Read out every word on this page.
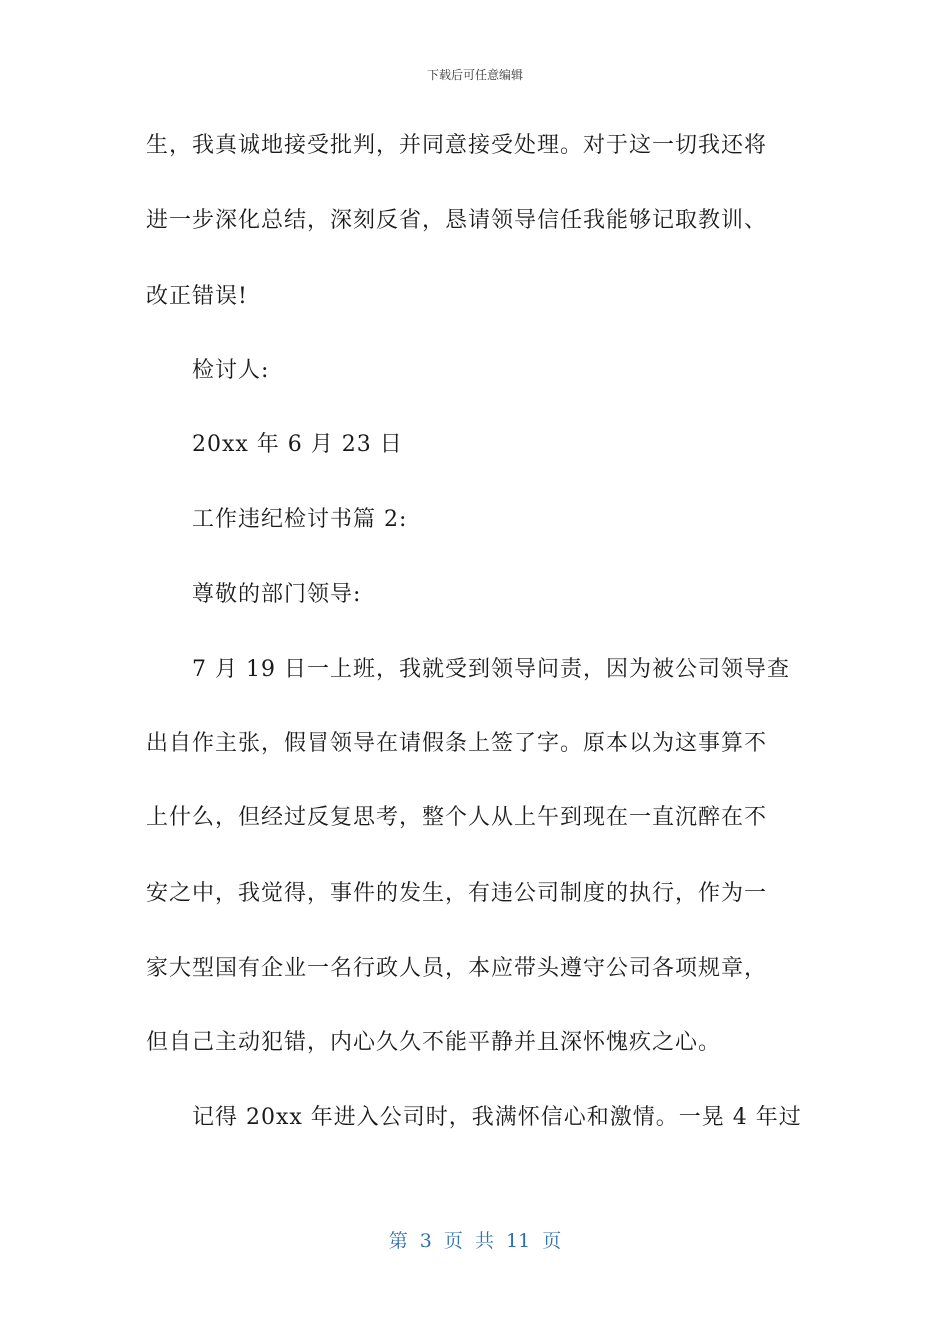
下载后可任意编辑
生，我真诚地接受批判，并同意接受处理。对于这一切我还将
进一步深化总结，深刻反省，恳请领导信任我能够记取教训、
改正错误!
检讨人:
20xx 年 6 月 23 日
工作违纪检讨书篇 2:
尊敬的部门领导:
7 月 19 日一上班，我就受到领导问责，因为被公司领导查
出自作主张，假冒领导在请假条上签了字。原本以为这事算不
上什么，但经过反复思考，整个人从上午到现在一直沉醉在不
安之中，我觉得，事件的发生，有违公司制度的执行，作为一
家大型国有企业一名行政人员，本应带头遵守公司各项规章，
但自己主动犯错，内心久久不能平静并且深怀愧疚之心。
记得 20xx 年进入公司时，我满怀信心和激情。一晃 4 年过
第 3 页 共 11 页
